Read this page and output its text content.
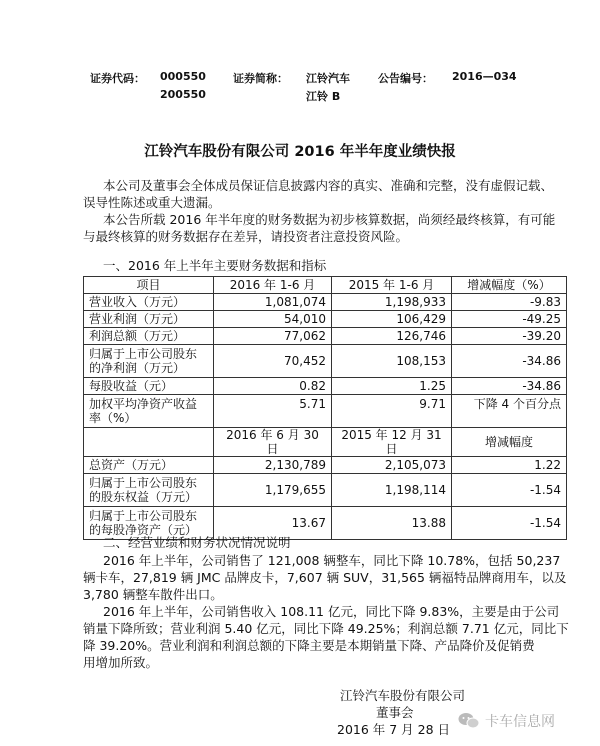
证券代码： 000550
200550
证券简称： 江铃汽车
江铃 B
公告编号： 2016—034
江铃汽车股份有限公司 2016 年半年度业绩快报
本公司及董事会全体成员保证信息披露内容的真实、准确和完整，没有虚假记载、
误导性陈述或重大遗漏。
本公告所载 2016 年半年度的财务数据为初步核算数据，尚须经最终核算，有可能
与最终核算的财务数据存在差异，请投资者注意投资风险。
一、2016 年上半年主要财务数据和指标
项目	2016 年 1-6 月	2015 年 1-6 月	增减幅度（%）
营业收入（万元）	1,081,074	1,198,933	-9.83
营业利润（万元）	54,010	106,429	-49.25
利润总额（万元）	77,062	126,746	-39.20

归属于上市公司股东
的净利润（万元）	70,452	108,153	-34.86
每股收益（元）	0.82	1.25	-34.86

加权平均净资产收益
率（%）	5.71	9.71	下降 4 个百分点
	2016 年 6 月 30 日	2015 年 12 月 31 日	增减幅度
总资产（万元）	2,130,789	2,105,073	1.22

归属于上市公司股东
的股东权益（万元）	1,179,655	1,198,114	-1.54

归属于上市公司股东
的每股净资产（元）	13.67	13.88	-1.54
二、经营业绩和财务状况情况说明
2016 年上半年，公司销售了 121,008 辆整车，同比下降 10.78%，包括 50,237
辆卡车，27,819 辆 JMC 品牌皮卡，7,607 辆 SUV，31,565 辆福特品牌商用车，以及
3,780 辆整车散件出口。
2016 年上半年，公司销售收入 108.11 亿元，同比下降 9.83%，主要是由于公司
销量下降所致；营业利润 5.40 亿元，同比下降 49.25%；利润总额 7.71 亿元，同比下
降 39.20%。营业利润和利润总额的下降主要是本期销量下降、产品降价及促销费
用增加所致。
江铃汽车股份有限公司
董事会
2016 年 7 月 28 日 卡车信息网
